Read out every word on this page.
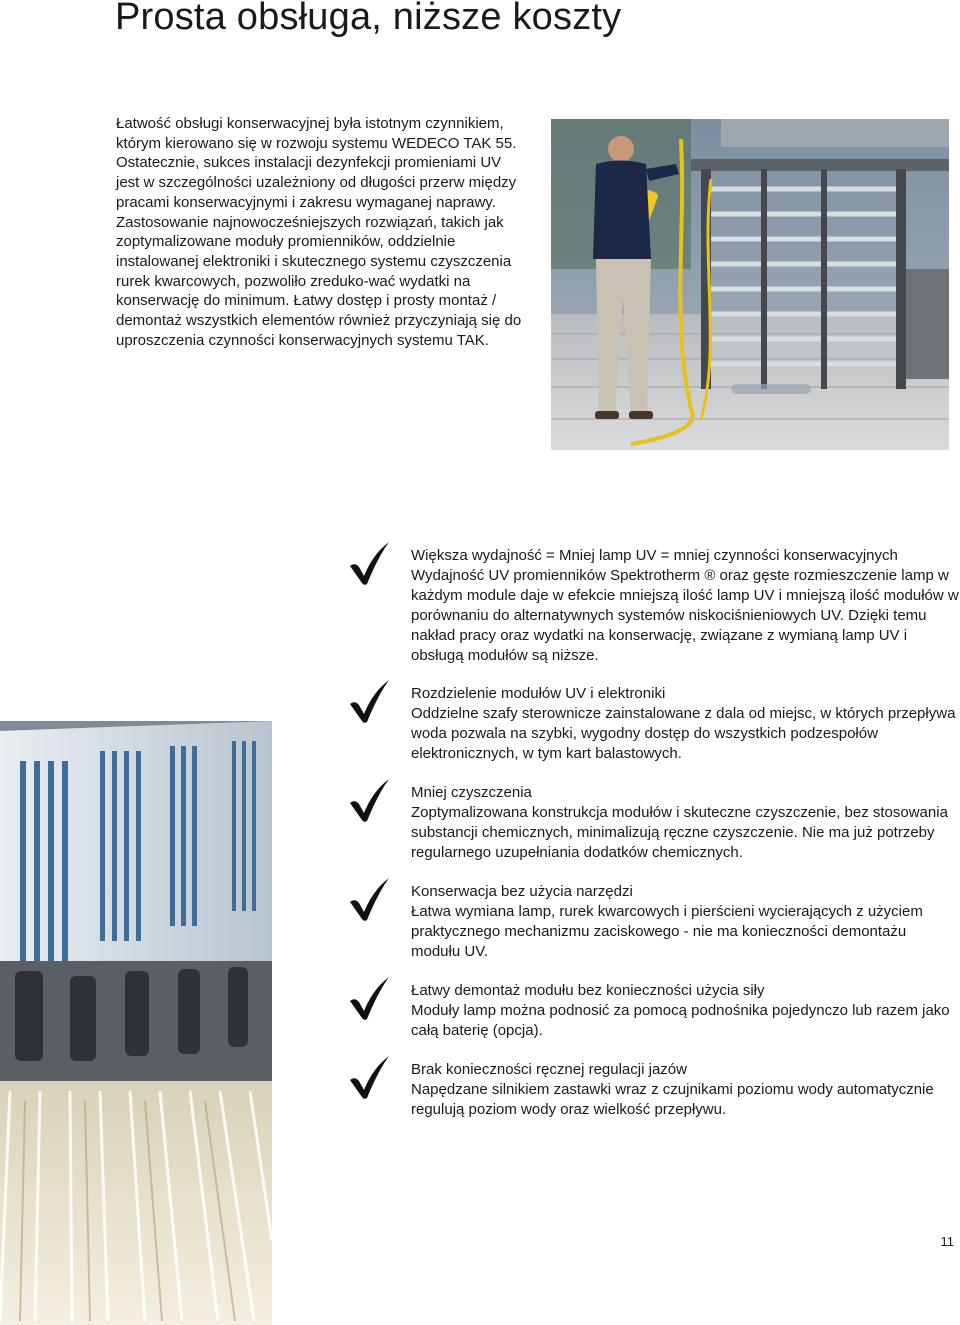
Prosta obsługa, niższe koszty

Łatwość obsługi konserwacyjnej była istotnym czynnikiem, którym kierowano się w rozwoju systemu WEDECO TAK 55. Ostatecznie, sukces instalacji dezynfekcji promieniami UV jest w szczególności uzależniony od długości przerw między pracami konserwacyjnymi i zakresu wymaganej naprawy. Zastosowanie najnowocześniejszych rozwiązań, takich jak zoptymalizowane moduły promienników, oddzielnie instalowanej elektroniki i skutecznego systemu czyszczenia rurek kwarcowych, pozwoliło zreduko-wać wydatki na konserwację do minimum. Łatwy dostęp i prosty montaż / demontaż wszystkich elementów również przyczyniają się do uproszczenia czynności konserwacyjnych systemu TAK.

Większa wydajność = Mniej lamp UV = mniej czynności konserwacyjnych
Wydajność UV promienników Spektrotherm ® oraz gęste rozmieszczenie lamp w każdym module daje w efekcie mniejszą ilość lamp UV i mniejszą ilość modułów w porównaniu do alternatywnych systemów niskociśnieniowych UV. Dzięki temu nakład pracy oraz wydatki na konserwację, związane z wymianą lamp UV i obsługą modułów są niższe.
Rozdzielenie modułów UV i elektroniki
Oddzielne szafy sterownicze zainstalowane z dala od miejsc, w których przepływa woda pozwala na szybki, wygodny dostęp do wszystkich podzespołów elektronicznych, w tym kart balastowych.
Mniej czyszczenia
Zoptymalizowana konstrukcja modułów i skuteczne czyszczenie, bez stosowania substancji chemicznych, minimalizują ręczne czyszczenie. Nie ma już potrzeby regularnego uzupełniania dodatków chemicznych.
Konserwacja bez użycia narzędzi
Łatwa wymiana lamp, rurek kwarcowych i pierścieni wycierających z użyciem praktycznego mechanizmu zaciskowego - nie ma konieczności demontażu modułu UV.
Łatwy demontaż modułu bez konieczności użycia siły
Moduły lamp można podnosić za pomocą podnośnika pojedynczo lub razem jako całą baterię (opcja).
Brak konieczności ręcznej regulacji jazów
Napędzane silnikiem zastawki wraz z czujnikami poziomu wody automatycznie regulują poziom wody oraz wielkość przepływu.
11
